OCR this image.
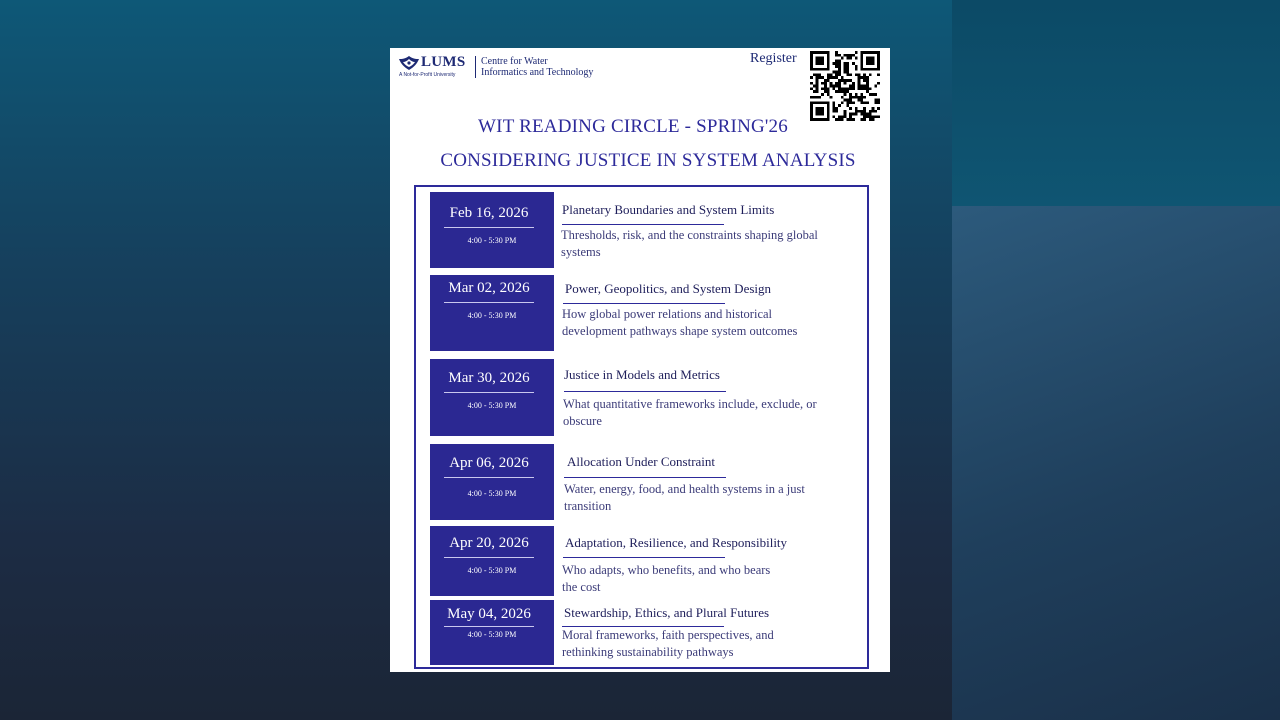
LUMS
A Not-for-Profit University
Centre for Water
Informatics and Technology
Register
WIT READING CIRCLE - SPRING'26
CONSIDERING JUSTICE IN SYSTEM ANALYSIS
Feb 16, 2026
4:00 - 5:30 PM
Planetary Boundaries and System Limits
Thresholds, risk, and the constraints shaping global
systems
Mar 02, 2026
4:00 - 5:30 PM
Power, Geopolitics, and System Design
How global power relations and historical
development pathways shape system outcomes
Mar 30, 2026
4:00 - 5:30 PM
Justice in Models and Metrics
What quantitative frameworks include, exclude, or
obscure
Apr 06, 2026
4:00 - 5:30 PM
Allocation Under Constraint
Water, energy, food, and health systems in a just
transition
Apr 20, 2026
4:00 - 5:30 PM
Adaptation, Resilience, and Responsibility
Who adapts, who benefits, and who bears
the cost
May 04, 2026
4:00 - 5:30 PM
Stewardship, Ethics, and Plural Futures
Moral frameworks, faith perspectives, and
rethinking sustainability pathways
